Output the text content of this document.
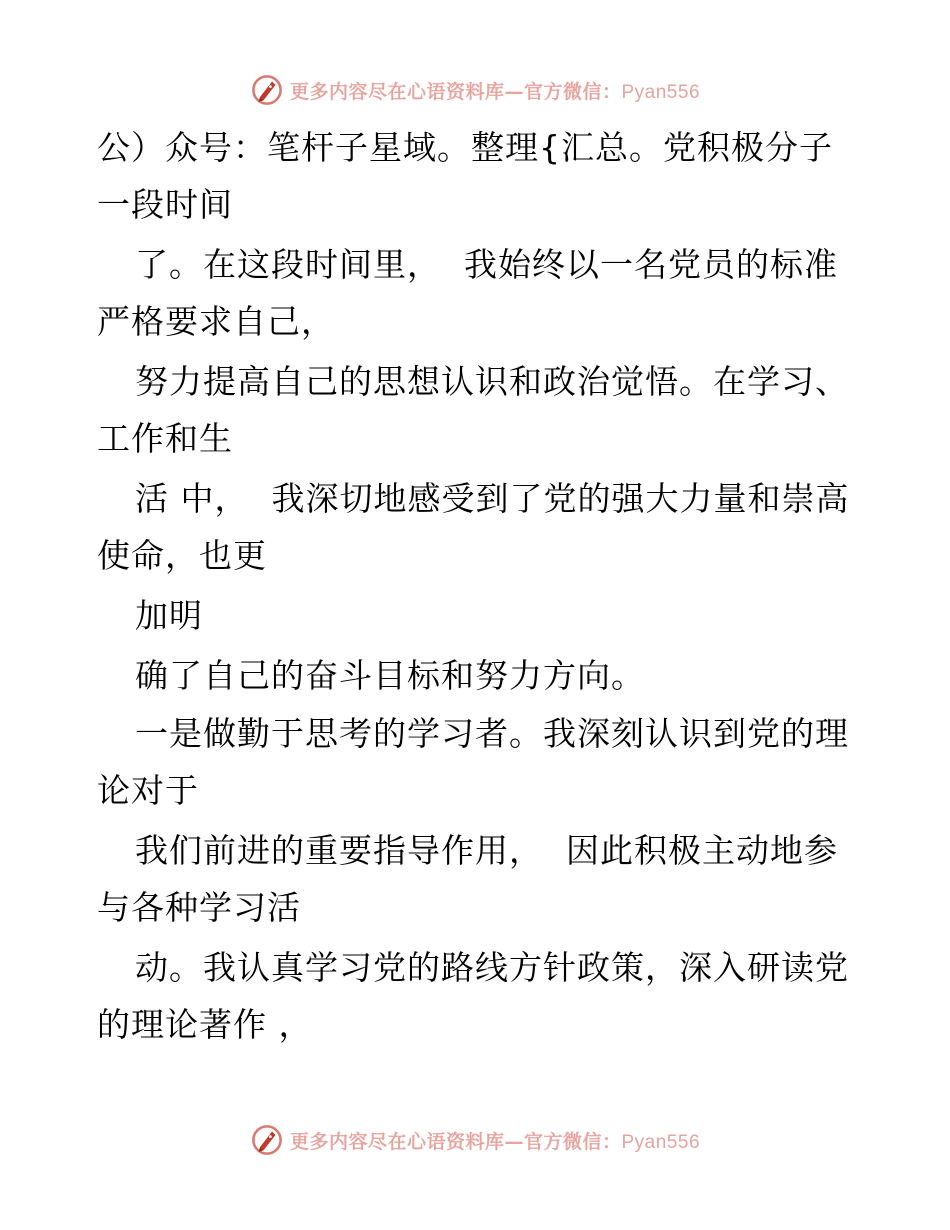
更多内容尽在心语资料库—官方微信：Pyan556
公）众号：笔杆子星域。整理{汇总。党积极分子
一段时间
了。在这段时间里，  我始终以一名党员的标准
严格要求自己，
努力提高自己的思想认识和政治觉悟。在学习、
工作和生
活 中，  我深切地感受到了党的强大力量和崇高
使命，也更
加明
确了自己的奋斗目标和努力方向。
一是做勤于思考的学习者。我深刻认识到党的理
论对于
我们前进的重要指导作用，  因此积极主动地参
与各种学习活
动。我认真学习党的路线方针政策，深入研读党
的理论著作 ，
更多内容尽在心语资料库—官方微信：Pyan556
